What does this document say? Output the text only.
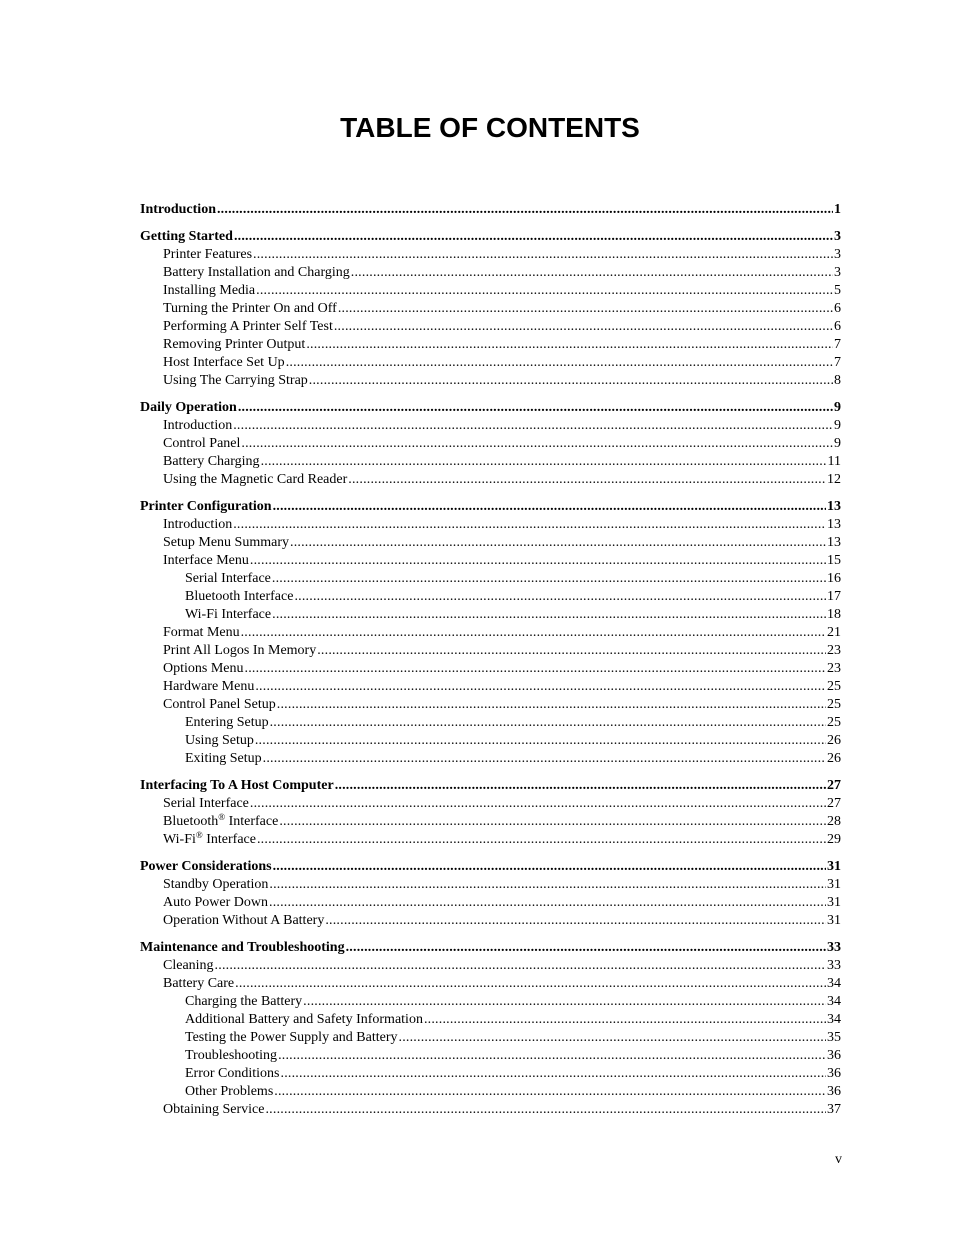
TABLE OF CONTENTS
Introduction .....	1
Getting Started .....	3
Printer Features .....	3
Battery Installation and Charging .....	3
Installing Media .....	5
Turning the Printer On and Off .....	6
Performing A Printer Self Test .....	6
Removing Printer Output .....	7
Host Interface Set Up .....	7
Using The Carrying Strap .....	8
Daily Operation .....	9
Introduction .....	9
Control Panel .....	9
Battery Charging .....	11
Using the Magnetic Card Reader .....	12
Printer Configuration .....	13
Introduction .....	13
Setup Menu Summary .....	13
Interface Menu .....	15
Serial Interface .....	16
Bluetooth Interface .....	17
Wi-Fi Interface .....	18
Format Menu .....	21
Print All Logos In Memory .....	23
Options Menu .....	23
Hardware Menu .....	25
Control Panel Setup .....	25
Entering Setup .....	25
Using Setup .....	26
Exiting Setup .....	26
Interfacing To A Host Computer .....	27
Serial Interface .....	27
Bluetooth® Interface .....	28
Wi-Fi® Interface .....	29
Power Considerations .....	31
Standby Operation .....	31
Auto Power Down .....	31
Operation Without A Battery .....	31
Maintenance and Troubleshooting .....	33
Cleaning .....	33
Battery Care .....	34
Charging the Battery .....	34
Additional Battery and Safety Information .....	34
Testing the Power Supply and Battery .....	35
Troubleshooting .....	36
Error Conditions .....	36
Other Problems .....	36
Obtaining Service .....	37
v
